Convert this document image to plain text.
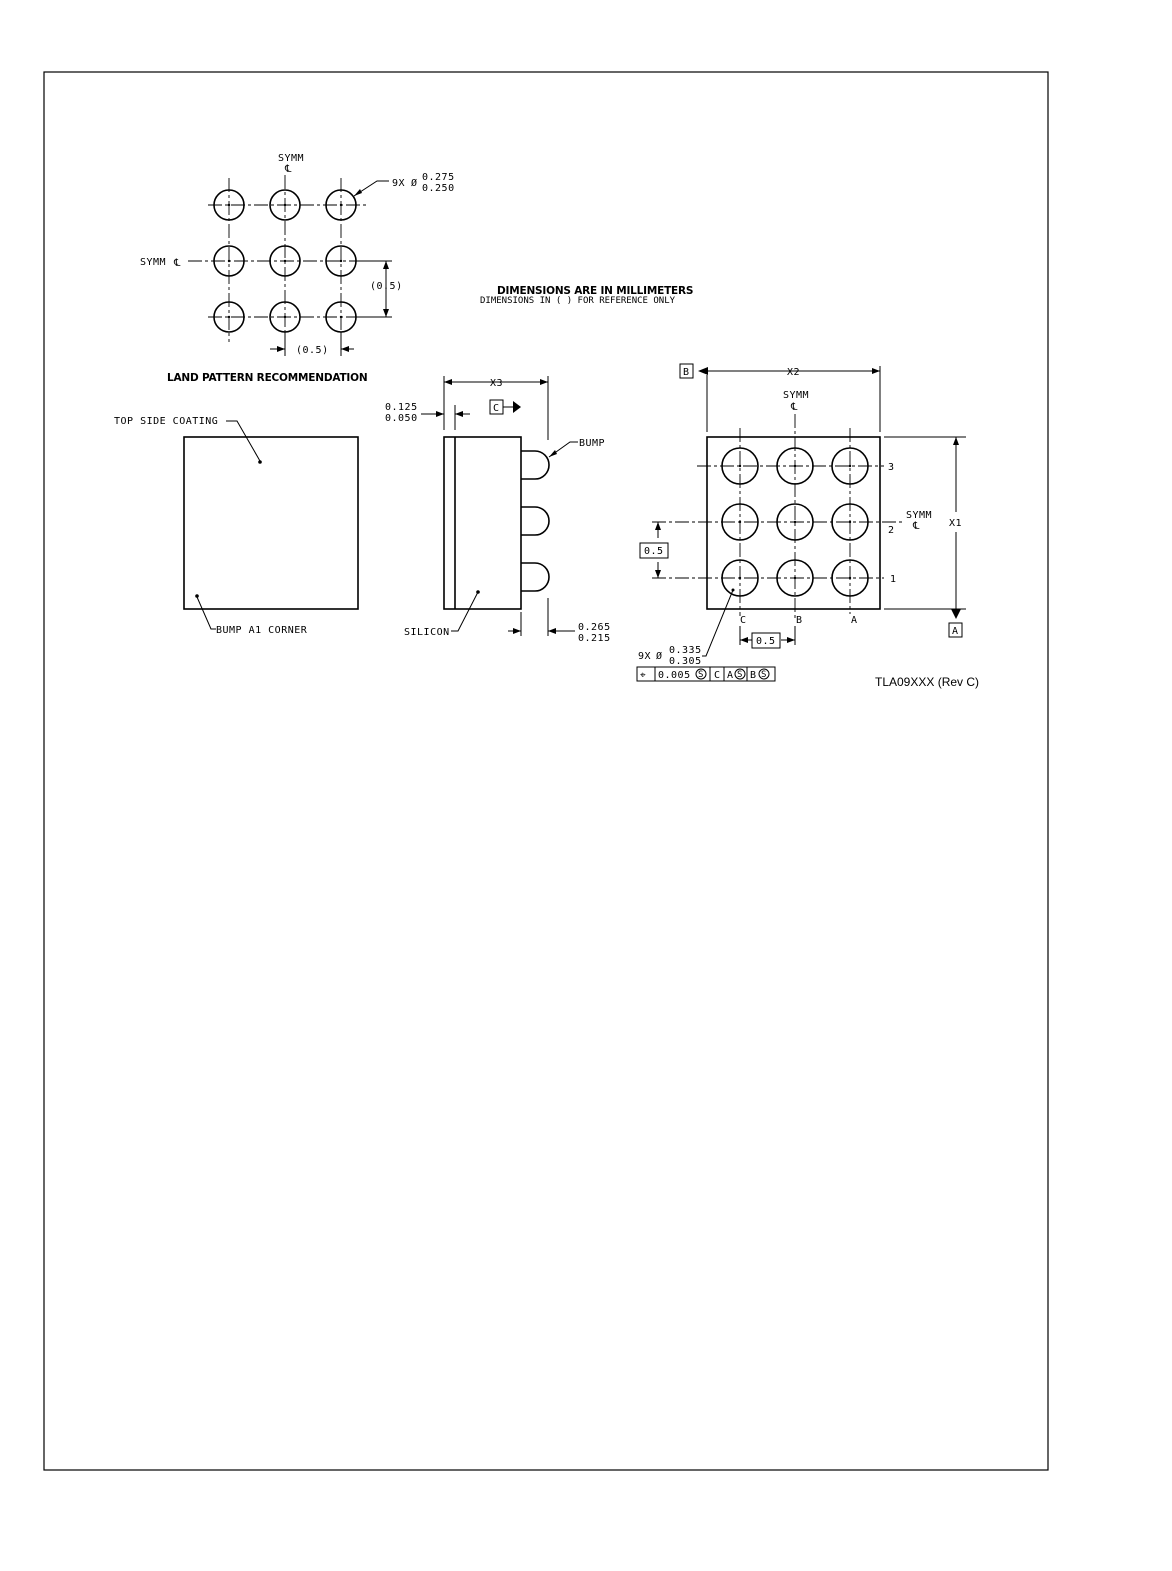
SYMM
℄
9X Ø
0.275
0.250
SYMM ℄
(0.5)
(0.5)
LAND PATTERN RECOMMENDATION
DIMENSIONS ARE IN MILLIMETERS
DIMENSIONS IN ( ) FOR REFERENCE ONLY
TOP SIDE COATING
BUMP A1 CORNER
X3
0.125
0.050
C
BUMP
SILICON	0.265
0.215
B	X2
SYMM
℄
3
2
1
SYMM
℄	X1
A
0.5
C	B	A
0.5
9X Ø
0.335
0.305
⌖ 0.005 S C A S B S	TLA09XXX (Rev C)
